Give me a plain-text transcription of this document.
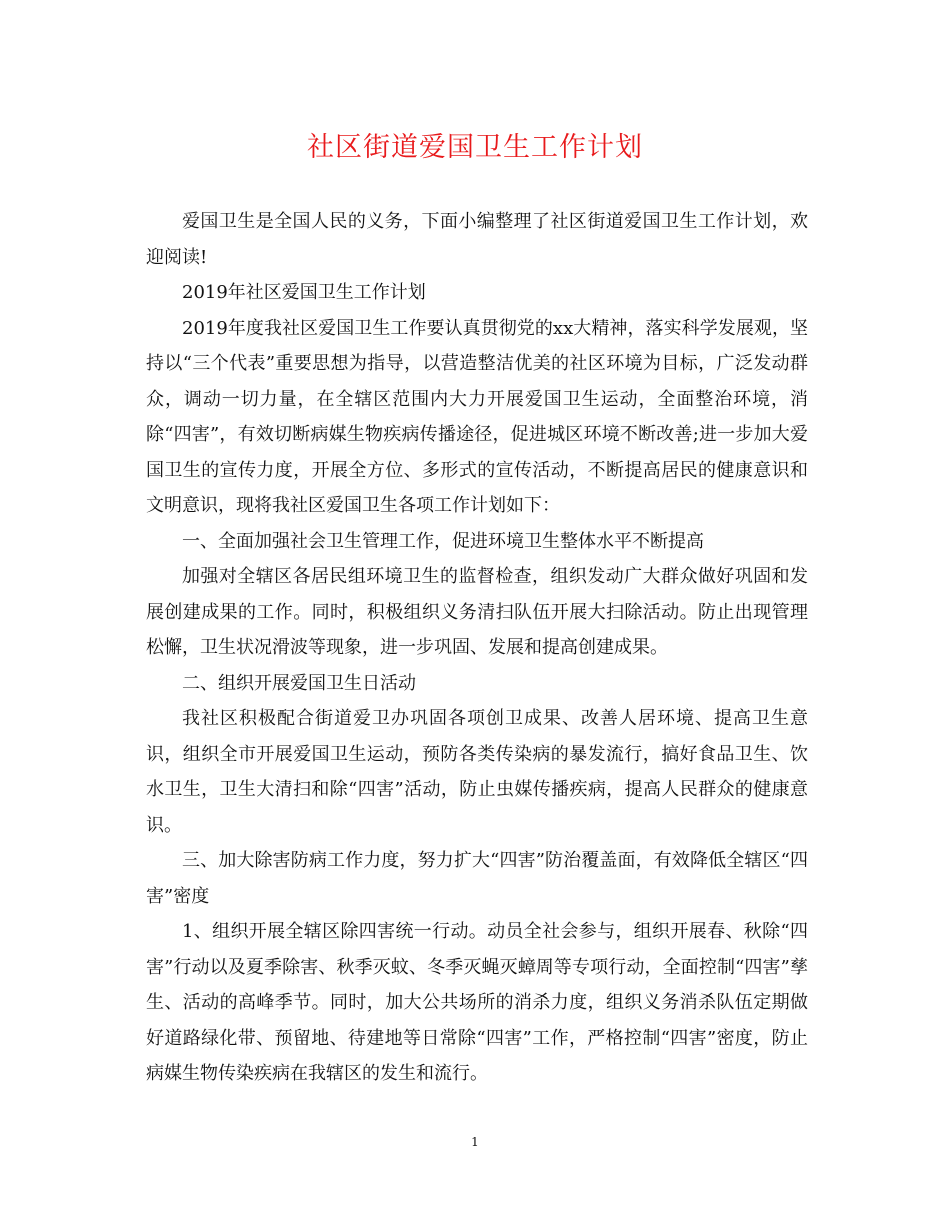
社区街道爱国卫生工作计划

爱国卫生是全国人民的义务，下面小编整理了社区街道爱国卫生工作计划，欢迎阅读!

2019年社区爱国卫生工作计划

2019年度我社区爱国卫生工作要认真贯彻党的xx大精神，落实科学发展观，坚持以“三个代表”重要思想为指导，以营造整洁优美的社区环境为目标，广泛发动群众，调动一切力量，在全辖区范围内大力开展爱国卫生运动，全面整治环境，消除“四害”，有效切断病媒生物疾病传播途径，促进城区环境不断改善;进一步加大爱国卫生的宣传力度，开展全方位、多形式的宣传活动，不断提高居民的健康意识和文明意识，现将我社区爱国卫生各项工作计划如下：

一、全面加强社会卫生管理工作，促进环境卫生整体水平不断提高

加强对全辖区各居民组环境卫生的监督检查，组织发动广大群众做好巩固和发展创建成果的工作。同时，积极组织义务清扫队伍开展大扫除活动。防止出现管理松懈，卫生状况滑波等现象，进一步巩固、发展和提高创建成果。

二、组织开展爱国卫生日活动

我社区积极配合街道爱卫办巩固各项创卫成果、改善人居环境、提高卫生意识，组织全市开展爱国卫生运动，预防各类传染病的暴发流行，搞好食品卫生、饮水卫生，卫生大清扫和除“四害”活动，防止虫媒传播疾病，提高人民群众的健康意识。

三、加大除害防病工作力度，努力扩大“四害”防治覆盖面，有效降低全辖区“四害”密度

1、组织开展全辖区除四害统一行动。动员全社会参与，组织开展春、秋除“四害”行动以及夏季除害、秋季灭蚊、冬季灭蝇灭蟑周等专项行动，全面控制“四害”孳生、活动的高峰季节。同时，加大公共场所的消杀力度，组织义务消杀队伍定期做好道路绿化带、预留地、待建地等日常除“四害”工作，严格控制“四害”密度，防止病媒生物传染疾病在我辖区的发生和流行。

1
